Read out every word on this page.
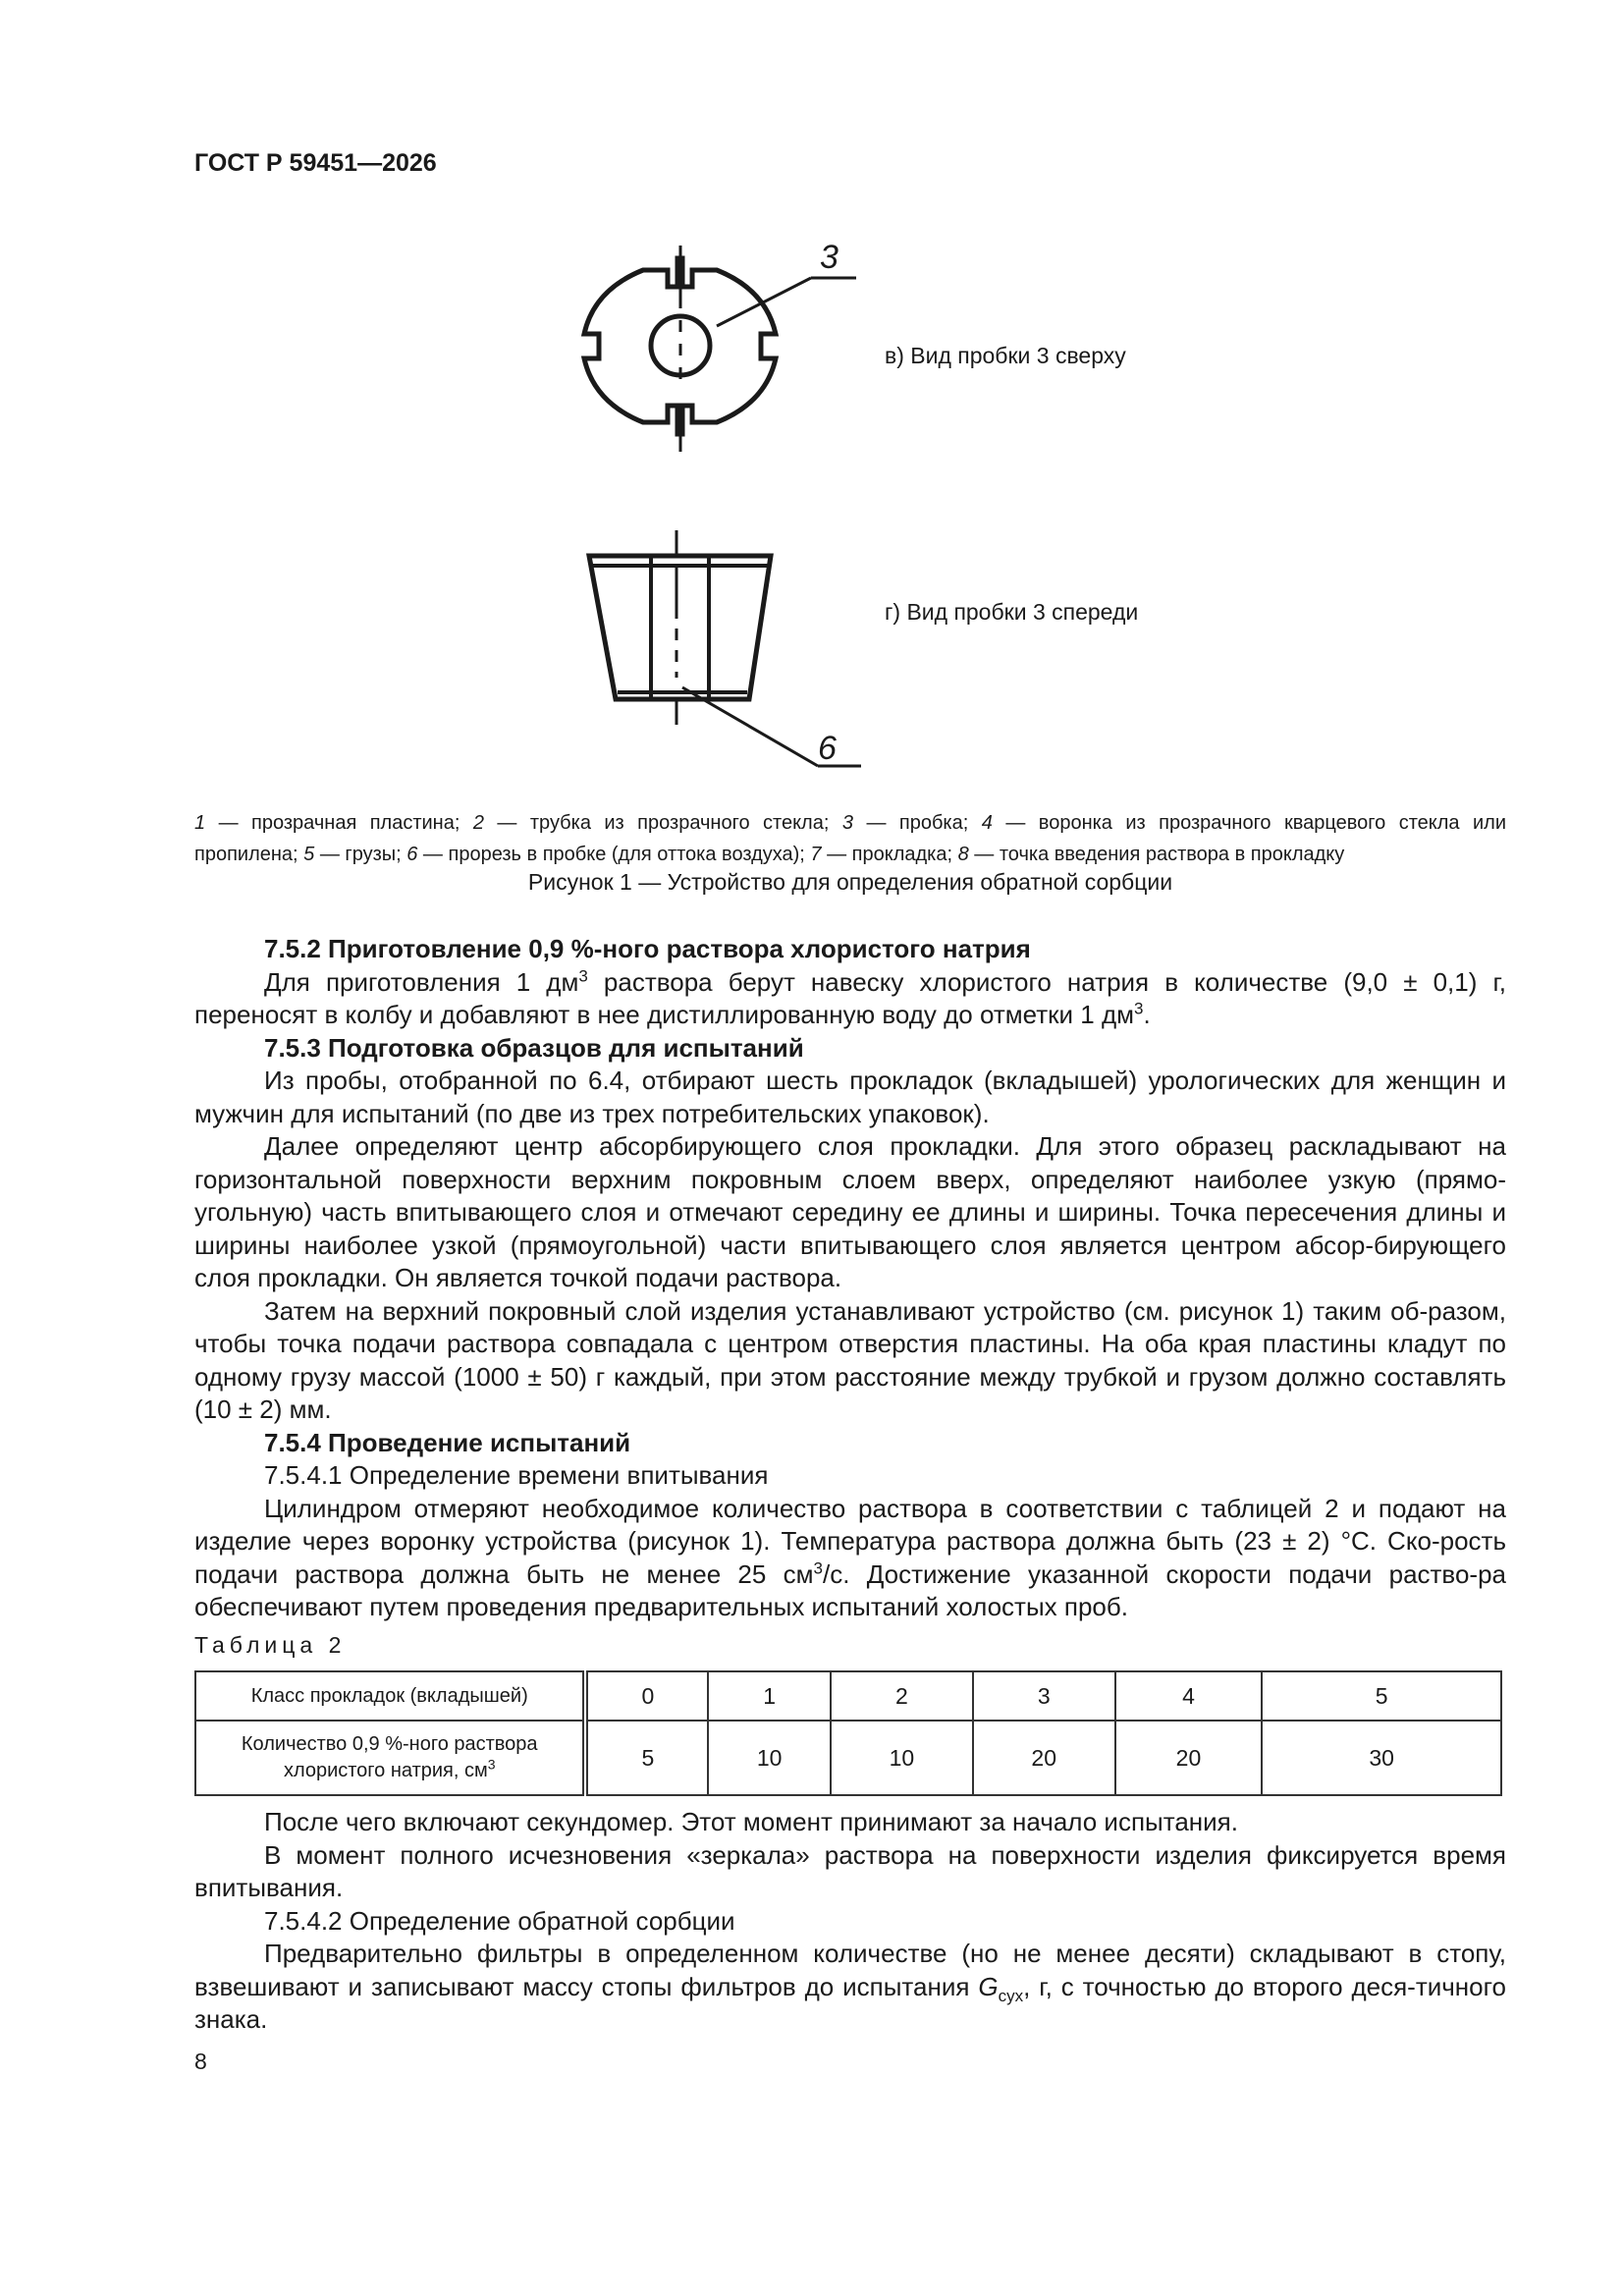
ГОСТ Р 59451—2026
3
в) Вид пробки 3 сверху
6
г) Вид пробки 3 спереди
1 — прозрачная пластина; 2 — трубка из прозрачного стекла; 3 — пробка; 4 — воронка из прозрачного кварцевого стекла или
пропилена; 5 — грузы; 6 — прорезь в пробке (для оттока воздуха); 7 — прокладка; 8 — точка введения раствора в прокладку
Рисунок 1 — Устройство для определения обратной сорбции

7.5.2 Приготовление 0,9 %-ного раствора хлористого натрия

Для приготовления 1 $дм^3$ раствора берут навеску хлористого натрия в количестве (9,0 ± 0,1) г, переносят в колбу и добавляют в нее дистиллированную воду до отметки 1 $дм^3$.

7.5.3 Подготовка образцов для испытаний

Из пробы, отобранной по 6.4, отбирают шесть прокладок (вкладышей) урологических для женщин и мужчин для испытаний (по две из трех потребительских упаковок).

Далее определяют центр абсорбирующего слоя прокладки. Для этого образец раскладывают на горизонтальной поверхности верхним покровным слоем вверх, определяют наиболее узкую (прямо-угольную) часть впитывающего слоя и отмечают середину ее длины и ширины. Точка пересечения длины и ширины наиболее узкой (прямоугольной) части впитывающего слоя является центром абсор-бирующего слоя прокладки. Он является точкой подачи раствора.

Затем на верхний покровный слой изделия устанавливают устройство (см. рисунок 1) таким об-разом, чтобы точка подачи раствора совпадала с центром отверстия пластины. На оба края пластины кладут по одному грузу массой (1000 ± 50) г каждый, при этом расстояние между трубкой и грузом должно составлять (10 ± 2) мм.

7.5.4 Проведение испытаний

7.5.4.1 Определение времени впитывания

Цилиндром отмеряют необходимое количество раствора в соответствии с таблицей 2 и подают на изделие через воронку устройства (рисунок 1). Температура раствора должна быть (23 ± 2) °С. Ско-рость подачи раствора должна быть не менее 25 $см^3/с$. Достижение указанной скорости подачи раство-ра обеспечивают путем проведения предварительных испытаний холостых проб.

Таблица 2
Класс прокладок (вкладышей)	0	1	2	3	4	5
Количество 0,9 %-ного раствора хлористого натрия, $см^3$	5	10	10	20	20	30

После чего включают секундомер. Этот момент принимают за начало испытания.

В момент полного исчезновения «зеркала» раствора на поверхности изделия фиксируется время впитывания.

7.5.4.2 Определение обратной сорбции

Предварительно фильтры в определенном количестве (но не менее десяти) складывают в стопу, взвешивают и записывают массу стопы фильтров до испытания $G_{сух}$, г, с точностью до второго деся-тичного знака.

8
